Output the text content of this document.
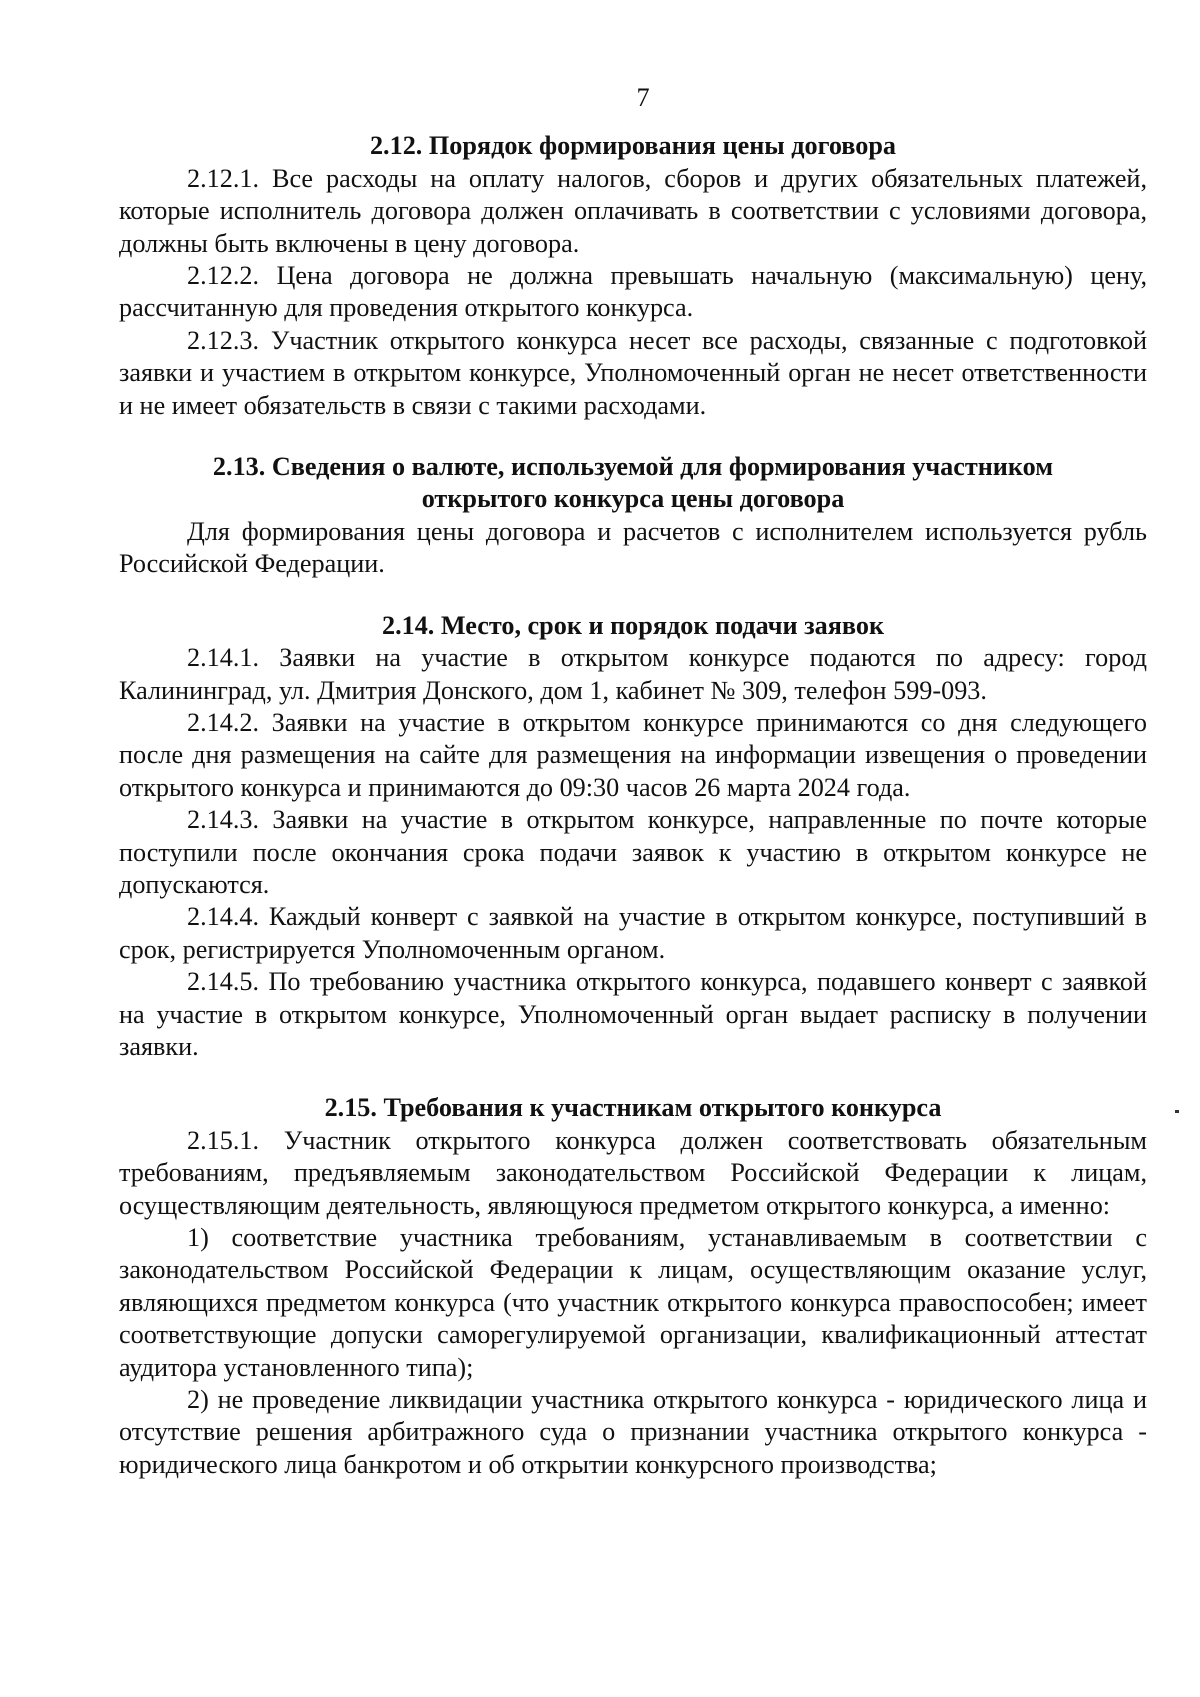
7
2.12. Порядок формирования цены договора

2.12.1. Все расходы на оплату налогов, сборов и других обязательных платежей, которые исполнитель договора должен оплачивать в соответствии с условиями договора, должны быть включены в цену договора.

2.12.2. Цена договора не должна превышать начальную (максимальную) цену, рассчитанную для проведения открытого конкурса.

2.12.3. Участник открытого конкурса несет все расходы, связанные с подготовкой заявки и участием в открытом конкурсе, Уполномоченный орган не несет ответственности и не имеет обязательств в связи с такими расходами.

2.13. Сведения о валюте, используемой для формирования участником
открытого конкурса цены договора

Для формирования цены договора и расчетов с исполнителем используется рубль Российской Федерации.

2.14. Место, срок и порядок подачи заявок

2.14.1. Заявки на участие в открытом конкурсе подаются по адресу: город Калининград, ул. Дмитрия Донского, дом 1, кабинет № 309, телефон 599-093.

2.14.2. Заявки на участие в открытом конкурсе принимаются со дня следующего после дня размещения на сайте для размещения на информации извещения о проведении открытого конкурса и принимаются до 09:30 часов 26 марта 2024 года.

2.14.3. Заявки на участие в открытом конкурсе, направленные по почте которые поступили после окончания срока подачи заявок к участию в открытом конкурсе не допускаются.

2.14.4. Каждый конверт с заявкой на участие в открытом конкурсе, поступивший в срок, регистрируется Уполномоченным органом.

2.14.5. По требованию участника открытого конкурса, подавшего конверт с заявкой на участие в открытом конкурсе, Уполномоченный орган выдает расписку в получении заявки.

2.15. Требования к участникам открытого конкурса

2.15.1. Участник открытого конкурса должен соответствовать обязательным требованиям, предъявляемым законодательством Российской Федерации к лицам, осуществляющим деятельность, являющуюся предметом открытого конкурса, а именно:

1) соответствие участника требованиям, устанавливаемым в соответствии с законодательством Российской Федерации к лицам, осуществляющим оказание услуг, являющихся предметом конкурса (что участник открытого конкурса правоспособен; имеет соответствующие допуски саморегулируемой организации, квалификационный аттестат аудитора установленного типа);

2) не проведение ликвидации участника открытого конкурса - юридического лица и отсутствие решения арбитражного суда о признании участника открытого конкурса - юридического лица банкротом и об открытии конкурсного производства;
